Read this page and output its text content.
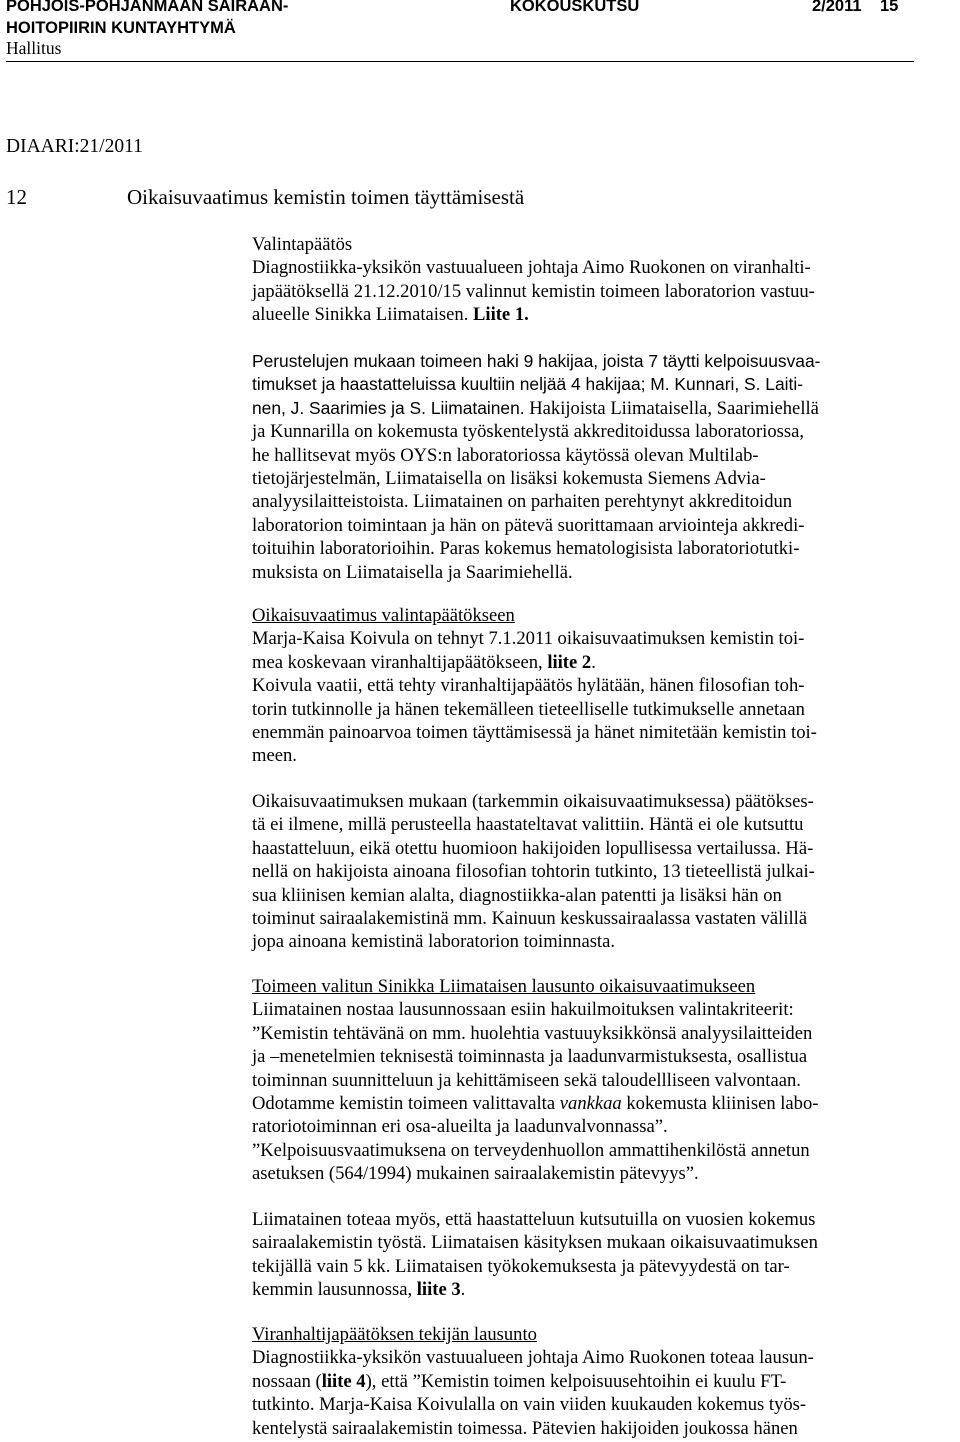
POHJOIS-POHJANMAAN SAIRAAN-
HOITOPIIRIN KUNTAYHTYMÄ
KOKOUSKUTSU	2/2011 15
Hallitus
DIAARI:21/2011
12	Oikaisuvaatimus kemistin toimen täyttämisestä
Valintapäätös
Diagnostiikka-yksikön vastuualueen johtaja Aimo Ruokonen on viranhalti-
japäätöksellä 21.12.2010/15 valinnut kemistin toimeen laboratorion vastuu-
alueelle Sinikka Liimataisen. Liite 1.
Perustelujen mukaan toimeen haki 9 hakijaa, joista 7 täytti kelpoisuusvaa-
timukset ja haastatteluissa kuultiin neljää 4 hakijaa; M. Kunnari, S. Laiti-
nen, J. Saarimies ja S. Liimatainen. Hakijoista Liimataisella, Saarimiehellä
ja Kunnarilla on kokemusta työskentelystä akkreditoidussa laboratoriossa,
he hallitsevat myös OYS:n laboratoriossa käytössä olevan Multilab-
tietojärjestelmän, Liimataisella on lisäksi kokemusta Siemens Advia-
analyysilaitteistoista. Liimatainen on parhaiten perehtynyt akkreditoidun
laboratorion toimintaan ja hän on pätevä suorittamaan arviointeja akkredi-
toituihin laboratorioihin. Paras kokemus hematologisista laboratoriotutki-
muksista on Liimataisella ja Saarimiehellä.
Oikaisuvaatimus valintapäätökseen
Marja-Kaisa Koivula on tehnyt 7.1.2011 oikaisuvaatimuksen kemistin toi-
mea koskevaan viranhaltijapäätökseen, liite 2.
Koivula vaatii, että tehty viranhaltijapäätös hylätään, hänen filosofian toh-
torin tutkinnolle ja hänen tekemälleen tieteelliselle tutkimukselle annetaan
enemmän painoarvoa toimen täyttämisessä ja hänet nimitetään kemistin toi-
meen.
Oikaisuvaatimuksen mukaan (tarkemmin oikaisuvaatimuksessa) päätökses-
tä ei ilmene, millä perusteella haastateltavat valittiin. Häntä ei ole kutsuttu
haastatteluun, eikä otettu huomioon hakijoiden lopullisessa vertailussa. Hä-
nellä on hakijoista ainoana filosofian tohtorin tutkinto, 13 tieteellistä julkai-
sua kliinisen kemian alalta, diagnostiikka-alan patentti ja lisäksi hän on
toiminut sairaalakemistinä mm. Kainuun keskussairaalassa vastaten välillä
jopa ainoana kemistinä laboratorion toiminnasta.
Toimeen valitun Sinikka Liimataisen lausunto oikaisuvaatimukseen
Liimatainen nostaa lausunnossaan esiin hakuilmoituksen valintakriteerit:
”Kemistin tehtävänä on mm. huolehtia vastuuyksikkönsä analyysilaitteiden
ja –menetelmien teknisestä toiminnasta ja laadunvarmistuksesta, osallistua
toiminnan suunnitteluun ja kehittämiseen sekä taloudellliseen valvontaan.
Odotamme kemistin toimeen valittavalta vankkaa kokemusta kliinisen labo-
ratoriotoiminnan eri osa-alueilta ja laadunvalvonnassa”.
”Kelpoisuusvaatimuksena on terveydenhuollon ammattihenkilöstä annetun
asetuksen (564/1994) mukainen sairaalakemistin pätevyys”.
Liimatainen toteaa myös, että haastatteluun kutsutuilla on vuosien kokemus
sairaalakemistin työstä. Liimataisen käsityksen mukaan oikaisuvaatimuksen
tekijällä vain 5 kk. Liimataisen työkokemuksesta ja pätevyydestä on tar-
kemmin lausunnossa, liite 3.
Viranhaltijapäätöksen tekijän lausunto
Diagnostiikka-yksikön vastuualueen johtaja Aimo Ruokonen toteaa lausun-
nossaan (liite 4), että ”Kemistin toimen kelpoisuusehtoihin ei kuulu FT-
tutkinto. Marja-Kaisa Koivulalla on vain viiden kuukauden kokemus työs-
kentelystä sairaalakemistin toimessa. Pätevien hakijoiden joukossa hänen
